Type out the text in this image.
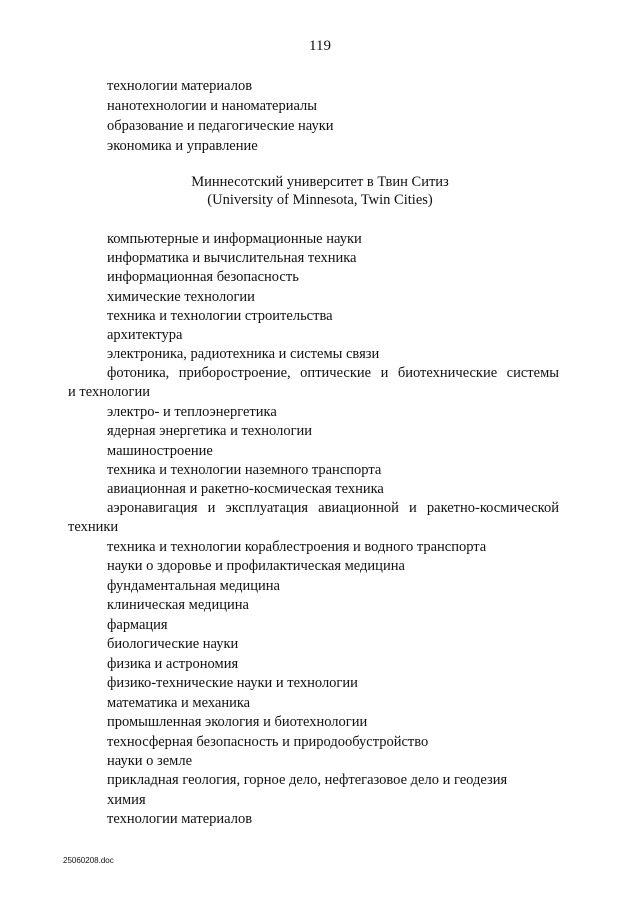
119
технологии материалов
нанотехнологии и наноматериалы
образование и педагогические науки
экономика и управление
Миннесотский университет в Твин Ситиз
(University of Minnesota, Twin Cities)
компьютерные и информационные науки
информатика и вычислительная техника
информационная безопасность
химические технологии
техника и технологии строительства
архитектура
электроника, радиотехника и системы связи
фотоника, приборостроение, оптические и биотехнические системы
и технологии
электро- и теплоэнергетика
ядерная энергетика и технологии
машиностроение
техника и технологии наземного транспорта
авиационная и ракетно-космическая техника
аэронавигация и эксплуатация авиационной и ракетно-космической
техники
техника и технологии кораблестроения и водного транспорта
науки о здоровье и профилактическая медицина
фундаментальная медицина
клиническая медицина
фармация
биологические науки
физика и астрономия
физико-технические науки и технологии
математика и механика
промышленная экология и биотехнологии
техносферная безопасность и природообустройство
науки о земле
прикладная геология, горное дело, нефтегазовое дело и геодезия
химия
технологии материалов
25060208.doc
